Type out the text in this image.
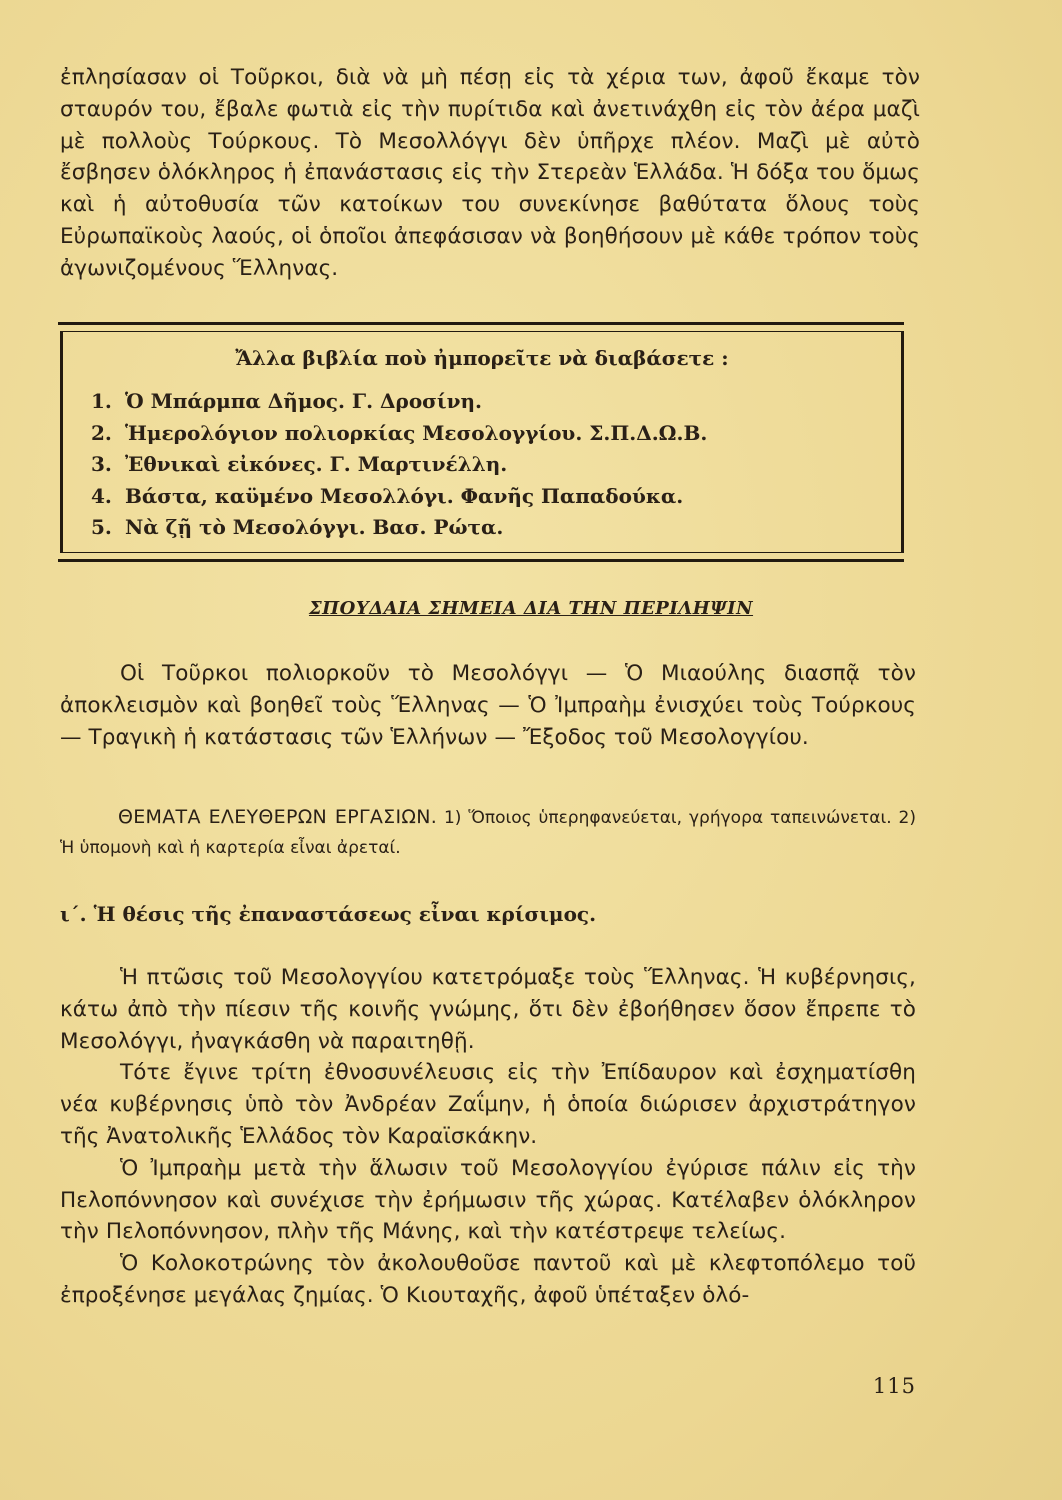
ἐπλησίασαν οἱ Τοῦρκοι, διὰ νὰ μὴ πέσῃ εἰς τὰ χέρια των, ἀφοῦ ἔκαμε τὸν σταυρόν του, ἔβαλε φωτιὰ εἰς τὴν πυρίτιδα καὶ ἀνετινάχθη εἰς τὸν ἀέρα μαζὶ μὲ πολλοὺς Τούρκους. Τὸ Μεσολλόγγι δὲν ὑπῆρχε πλέον. Μαζὶ μὲ αὐτὸ ἔσβησεν ὁλόκληρος ἡ ἐπανάστασις εἰς τὴν Στερεὰν Ἑλλάδα. Ἡ δόξα του ὅμως καὶ ἡ αὐτοθυσία τῶν κατοίκων του συνεκίνησε βαθύτατα ὅλους τοὺς Εὐρωπαϊκοὺς λαούς, οἱ ὁποῖοι ἀπεφάσισαν νὰ βοηθήσουν μὲ κάθε τρόπον τοὺς ἀγωνιζομένους Ἕλληνας.

Ἄλλα βιβλία ποὺ ἠμπορεῖτε νὰ διαβάσετε :
1. Ὁ Μπάρμπα Δῆμος. Γ. Δροσίνη.
2. Ἡμερολόγιον πολιορκίας Μεσολογγίου. Σ.Π.Δ.Ω.Β.
3. Ἐθνικαὶ εἰκόνες. Γ. Μαρτινέλλη.
4. Βάστα, καϋμένο Μεσολλόγι. Φανῆς Παπαδούκα.
5. Νὰ ζῇ τὸ Μεσολόγγι. Βασ. Ρώτα.
ΣΠΟΥΔΑΙΑ ΣΗΜΕΙΑ ΔΙΑ ΤΗΝ ΠΕΡΙΛΗΨΙΝ

Οἱ Τοῦρκοι πολιορκοῦν τὸ Μεσολόγγι — Ὁ Μιαούλης διασπᾷ τὸν ἀποκλεισμὸν καὶ βοηθεῖ τοὺς Ἕλληνας — Ὁ Ἰμπραὴμ ἐνισχύει τοὺς Τούρκους — Τραγικὴ ἡ κατάστασις τῶν Ἑλλήνων — Ἔξοδος τοῦ Μεσολογγίου.

ΘΕΜΑΤΑ ΕΛΕΥΘΕΡΩΝ ΕΡΓΑΣΙΩΝ. 1) Ὅποιος ὑπερηφανεύεται, γρήγορα ταπεινώνεται. 2) Ἡ ὑπομονὴ καὶ ἡ καρτερία εἶναι ἀρεταί.
ι΄. Ἡ θέσις τῆς ἐπαναστάσεως εἶναι κρίσιμος.

Ἡ πτῶσις τοῦ Μεσολογγίου κατετρόμαξε τοὺς Ἕλληνας. Ἡ κυβέρνησις, κάτω ἀπὸ τὴν πίεσιν τῆς κοινῆς γνώμης, ὅτι δὲν ἐβοήθησεν ὅσον ἔπρεπε τὸ Μεσολόγγι, ἠναγκάσθη νὰ παραιτηθῇ.

Τότε ἔγινε τρίτη ἐθνοσυνέλευσις εἰς τὴν Ἐπίδαυρον καὶ ἐσχηματίσθη νέα κυβέρνησις ὑπὸ τὸν Ἀνδρέαν Ζαΐμην, ἡ ὁποία διώρισεν ἀρχιστράτηγον τῆς Ἀνατολικῆς Ἑλλάδος τὸν Καραϊσκάκην.

Ὁ Ἰμπραὴμ μετὰ τὴν ἅλωσιν τοῦ Μεσολογγίου ἐγύρισε πάλιν εἰς τὴν Πελοπόννησον καὶ συνέχισε τὴν ἐρήμωσιν τῆς χώρας. Κατέλαβεν ὁλόκληρον τὴν Πελοπόννησον, πλὴν τῆς Μάνης, καὶ τὴν κατέστρεψε τελείως.

Ὁ Κολοκοτρώνης τὸν ἀκολουθοῦσε παντοῦ καὶ μὲ κλεφτοπόλεμο τοῦ ἐπροξένησε μεγάλας ζημίας. Ὁ Κιουταχῆς, ἀφοῦ ὑπέταξεν ὁλό-

115
